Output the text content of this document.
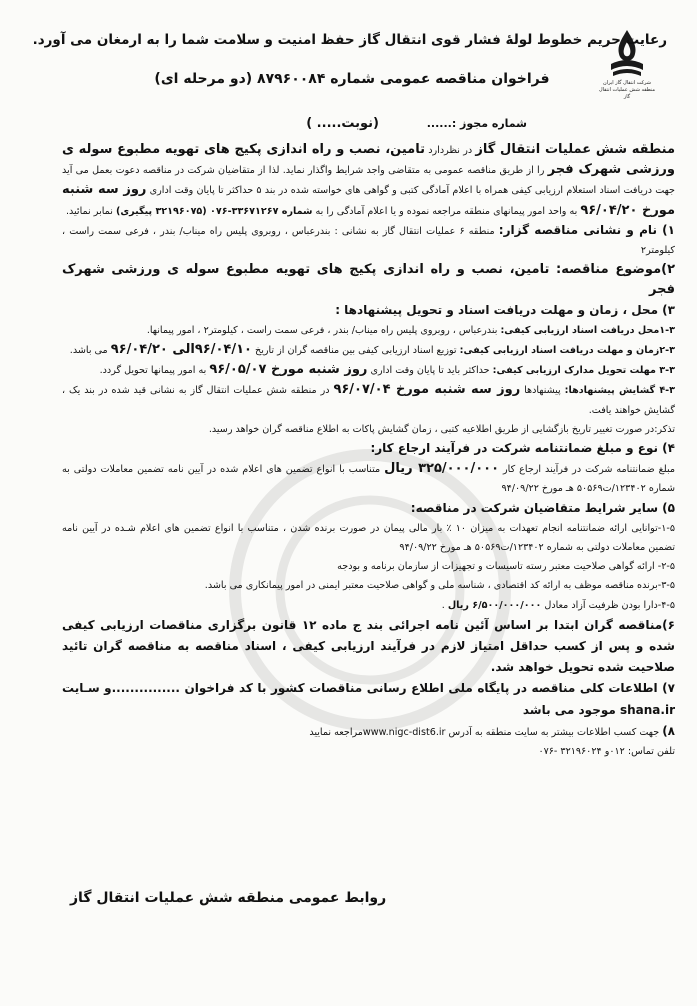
شرکت انتقال گاز ایران
منطقه شش عملیات انتقال گاز
رعایت حریم خطوط لولهٔ فشار قوی انتقال گاز حفظ امنیت و سلامت شما را به ارمغان می آورد.
فراخوان مناقصه عمومی شماره ۸۷۹۶۰۰۸۴ (دو مرحله ای)
(نوبت..... )	شماره مجوز :......

منطقه شش عملیات انتقال گاز در نظردارد تامین، نصب و راه اندازی پکیج های تهویه مطبوع سوله ی ورزشی شهرک فجر را از طریق مناقصه عمومی به متقاضی واجد شرایط واگذار نماید. لذا از متقاضیان شرکت در مناقصه دعوت بعمل می آید جهت دریافت اسناد استعلام ارزیابی کیفی همراه با اعلام آمادگی کتبی و گواهی های خواسته شده در بند ۵ حداکثر تا پایان وقت اداری روز سه شنبه مورخ ۹۶/۰۴/۲۰ به واحد امور پیمانهای منطقه مراجعه نموده و یا اعلام آمادگی را به شماره ۳۳۶۷۱۲۶۷-۰۷۶ (۳۲۱۹۶۰۷۵ پیگیری) نمابر نمائید.

۱) نام و نشانی مناقصه گزار: منطقه ۶ عملیات انتقال گاز به نشانی : بندرعباس ، روبروی پلیس راه میناب/ بندر ، فرعی سمت راست ، کیلومتر۲

۲)موضوع مناقصه: تامین، نصب و راه اندازی پکیج های تهویه مطبوع سوله ی ورزشی شهرک فجر

۳) محل ، زمان و مهلت دریافت اسناد و تحویل پیشنهادها :

۱-۳محل دریافت اسناد ارزیابی کیفی: بندرعباس ، روبروی پلیس راه میناب/ بندر ، فرعی سمت راست ، کیلومتر۲ ، امور پیمانها.

۲-۳زمان و مهلت دریافت اسناد ارزیابی کیفی: توزیع اسناد ارزیابی کیفی بین مناقصه گران از تاریخ ۹۶/۰۴/۱۰الی ۹۶/۰۴/۲۰ می باشد.

۳-۳ مهلت تحویل مدارک ارزیابی کیفی: حداکثر باید تا پایان وقت اداری روز شنبه مورخ ۹۶/۰۵/۰۷ به امور پیمانها تحویل گردد.

۴-۳ گشایش پیشنهادها: پیشنهادها روز سه شنبه مورخ ۹۶/۰۷/۰۴ در منطقه شش عملیات انتقال گاز به نشانی قید شده در بند یک ، گشایش خواهند یافت.

تذکر:در صورت تغییر تاریخ بازگشایی از طریق اطلاعیه کتبی ، زمان گشایش پاکات به اطلاع مناقصه گران خواهد رسید.

۴) نوع و مبلغ ضمانتنامه شرکت در فرآیند ارجاع کار:

مبلغ ضمانتنامه شرکت در فرآیند ارجاع کار ۳۲۵/۰۰۰/۰۰۰ ریال متناسب با انواع تضمین های اعلام شده در آیین نامه تضمین معاملات دولتی به شماره ۱۲۳۴۰۲/ت۵۰۵۶۹ هـ مورخ ۹۴/۰۹/۲۲

۵) سایر شرایط متقاضیان شرکت در مناقصه:

۱-۵-توانایی ارائه ضمانتنامه انجام تعهدات به میزان ۱۰ ٪ بار مالی پیمان در صورت برنده شدن ، متناسب با انواع تضمین های اعلام شـده در آیین نامه تضمین معاملات دولتی به شماره ۱۲۳۴۰۲/ت۵۰۵۶۹ هـ مورخ ۹۴/۰۹/۲۲

۲-۵- ارائه گواهی صلاحیت معتبر رسته تاسیسات و تجهیزات از سازمان برنامه و بودجه

۳-۵-برنده مناقصه موظف به ارائه کد اقتصادی ، شناسه ملی و گواهی صلاحیت معتبر ایمنی در امور پیمانکاری می باشد.

۴-۵-دارا بودن ظرفیت آزاد معادل ۶/۵۰۰/۰۰۰/۰۰۰ ریال .

۶)مناقصه گران ابتدا بر اساس آئین نامه اجرائی بند ج ماده ۱۲ قانون برگزاری مناقصات ارزیابی کیفی شده و پس از کسب حداقل امتیاز لازم در فرآیند ارزیابی کیفی ، اسناد مناقصه به مناقصه گران تائید صلاحیت شده تحویل خواهد شد.

۷) اطلاعات کلی مناقصه در پایگاه ملی اطلاع رسانی مناقصات کشور با کد فراخوان ...............و سـایت shana.ir موجود می باشد

۸) جهت کسب اطلاعات بیشتر به سایت منطقه به آدرس www.nigc-dist6.irمراجعه نمایید

تلفن تماس: ۰۱۲و ۳۲۱۹۶۰۲۴ -۰۷۶

روابط عمومی منطقه شش عملیات انتقال گاز
